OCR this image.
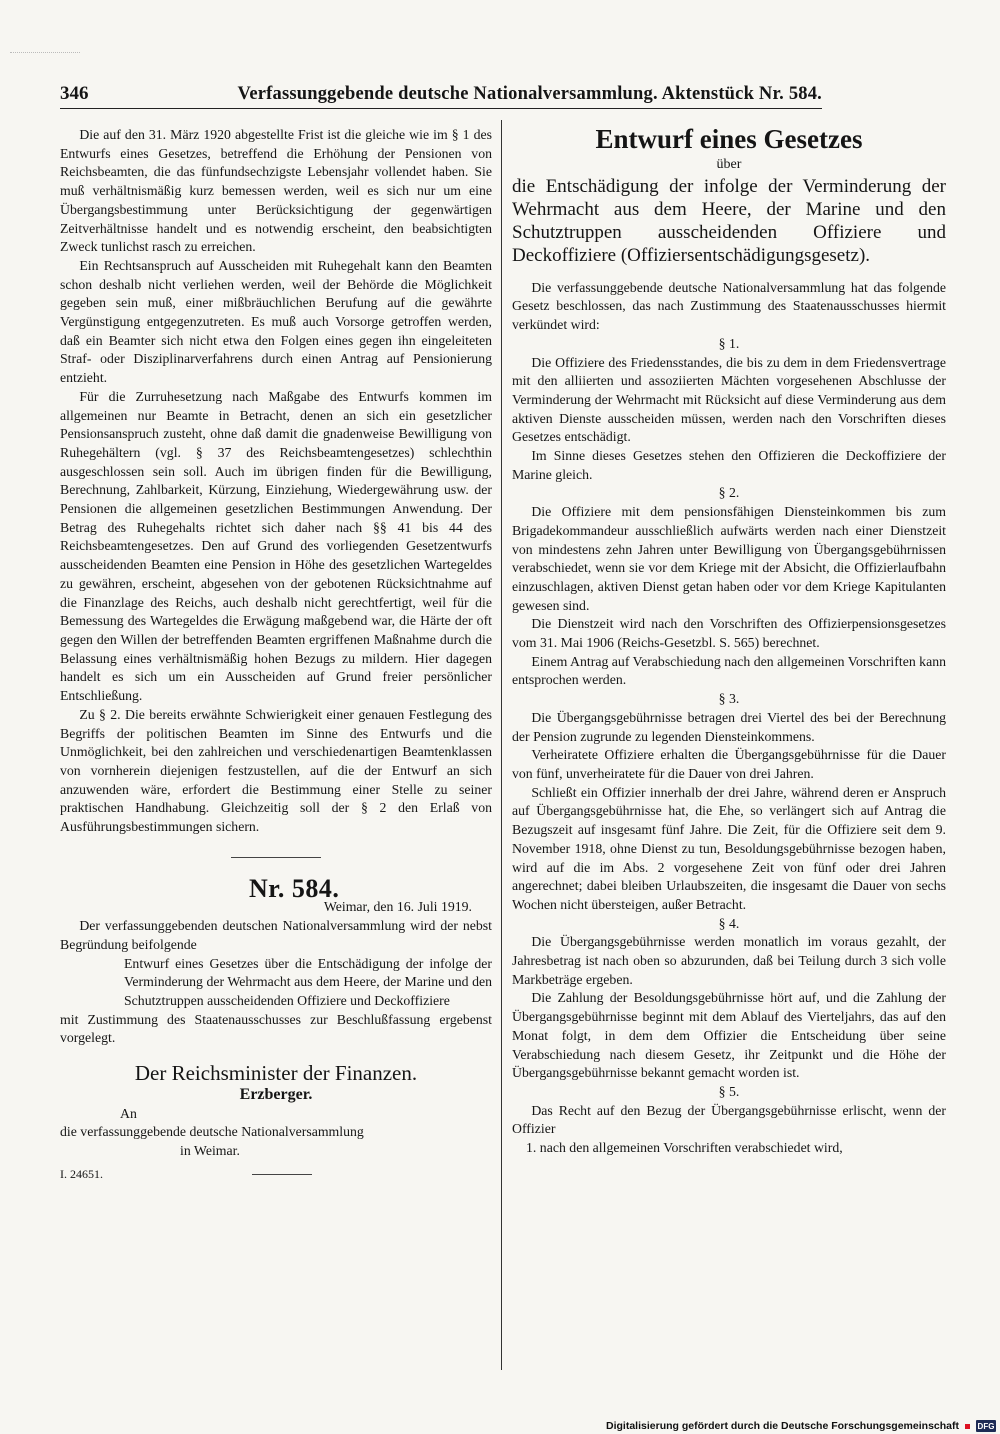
346	Verfassunggebende deutsche Nationalversammlung. Aktenstück Nr. 584.

Die auf den 31. März 1920 abgestellte Frist ist die gleiche wie im § 1 des Entwurfs eines Gesetzes, betreffend die Erhöhung der Pensionen von Reichsbeamten, die das fünfundsechzigste Lebensjahr vollendet haben. Sie muß verhältnismäßig kurz bemessen werden, weil es sich nur um eine Übergangsbestimmung unter Berücksichtigung der gegenwärtigen Zeitverhältnisse handelt und es notwendig erscheint, den beabsichtigten Zweck tunlichst rasch zu erreichen.

Ein Rechtsanspruch auf Ausscheiden mit Ruhegehalt kann den Beamten schon deshalb nicht verliehen werden, weil der Behörde die Möglichkeit gegeben sein muß, einer mißbräuchlichen Berufung auf die gewährte Vergünstigung entgegenzutreten. Es muß auch Vorsorge getroffen werden, daß ein Beamter sich nicht etwa den Folgen eines gegen ihn eingeleiteten Straf- oder Disziplinarverfahrens durch einen Antrag auf Pensionierung entzieht.

Für die Zurruhesetzung nach Maßgabe des Entwurfs kommen im allgemeinen nur Beamte in Betracht, denen an sich ein gesetzlicher Pensionsanspruch zusteht, ohne daß damit die gnadenweise Bewilligung von Ruhegehältern (vgl. § 37 des Reichsbeamtengesetzes) schlechthin ausgeschlossen sein soll. Auch im übrigen finden für die Bewilligung, Berechnung, Zahlbarkeit, Kürzung, Einziehung, Wiedergewährung usw. der Pensionen die allgemeinen gesetzlichen Bestimmungen Anwendung. Der Betrag des Ruhegehalts richtet sich daher nach §§ 41 bis 44 des Reichsbeamtengesetzes. Den auf Grund des vorliegenden Gesetzentwurfs ausscheidenden Beamten eine Pension in Höhe des gesetzlichen Wartegeldes zu gewähren, erscheint, abgesehen von der gebotenen Rücksichtnahme auf die Finanzlage des Reichs, auch deshalb nicht gerechtfertigt, weil für die Bemessung des Wartegeldes die Erwägung maßgebend war, die Härte der oft gegen den Willen der betreffenden Beamten ergriffenen Maßnahme durch die Belassung eines verhältnismäßig hohen Bezugs zu mildern. Hier dagegen handelt es sich um ein Ausscheiden auf Grund freier persönlicher Entschließung.

Zu § 2. Die bereits erwähnte Schwierigkeit einer genauen Festlegung des Begriffs der politischen Beamten im Sinne des Entwurfs und die Unmöglichkeit, bei den zahlreichen und verschiedenartigen Beamtenklassen von vornherein diejenigen festzustellen, auf die der Entwurf an sich anzuwenden wäre, erfordert die Bestimmung einer Stelle zu seiner praktischen Handhabung. Gleichzeitig soll der § 2 den Erlaß von Ausführungsbestimmungen sichern.

Nr. 584.

Weimar, den 16. Juli 1919.

Der verfassunggebenden deutschen Nationalversammlung wird der nebst Begründung beifolgende

Entwurf eines Gesetzes über die Entschädigung der infolge der Verminderung der Wehrmacht aus dem Heere, der Marine und den Schutztruppen ausscheidenden Offiziere und Deckoffiziere

mit Zustimmung des Staatenausschusses zur Beschlußfassung ergebenst vorgelegt.

Der Reichsminister der Finanzen.

Erzberger.

An
die verfassunggebende deutsche Nationalversammlung
in Weimar.

I. 24651.

Entwurf eines Gesetzes

über

die Entschädigung der infolge der Verminderung der Wehrmacht aus dem Heere, der Marine und den Schutztruppen ausscheidenden Offiziere und Deckoffiziere (Offiziersentschädigungsgesetz).

Die verfassunggebende deutsche Nationalversammlung hat das folgende Gesetz beschlossen, das nach Zustimmung des Staatenausschusses hiermit verkündet wird:

§ 1.

Die Offiziere des Friedensstandes, die bis zu dem in dem Friedensvertrage mit den alliierten und assoziierten Mächten vorgesehenen Abschlusse der Verminderung der Wehrmacht mit Rücksicht auf diese Verminderung aus dem aktiven Dienste ausscheiden müssen, werden nach den Vorschriften dieses Gesetzes entschädigt.

Im Sinne dieses Gesetzes stehen den Offizieren die Deckoffiziere der Marine gleich.

§ 2.

Die Offiziere mit dem pensionsfähigen Diensteinkommen bis zum Brigadekommandeur ausschließlich aufwärts werden nach einer Dienstzeit von mindestens zehn Jahren unter Bewilligung von Übergangsgebührnissen verabschiedet, wenn sie vor dem Kriege mit der Absicht, die Offizierlaufbahn einzuschlagen, aktiven Dienst getan haben oder vor dem Kriege Kapitulanten gewesen sind.

Die Dienstzeit wird nach den Vorschriften des Offizierpensionsgesetzes vom 31. Mai 1906 (Reichs-Gesetzbl. S. 565) berechnet.

Einem Antrag auf Verabschiedung nach den allgemeinen Vorschriften kann entsprochen werden.

§ 3.

Die Übergangsgebührnisse betragen drei Viertel des bei der Berechnung der Pension zugrunde zu legenden Diensteinkommens.

Verheiratete Offiziere erhalten die Übergangsgebührnisse für die Dauer von fünf, unverheiratete für die Dauer von drei Jahren.

Schließt ein Offizier innerhalb der drei Jahre, während deren er Anspruch auf Übergangsgebührnisse hat, die Ehe, so verlängert sich auf Antrag die Bezugszeit auf insgesamt fünf Jahre. Die Zeit, für die Offiziere seit dem 9. November 1918, ohne Dienst zu tun, Besoldungsgebührnisse bezogen haben, wird auf die im Abs. 2 vorgesehene Zeit von fünf oder drei Jahren angerechnet; dabei bleiben Urlaubszeiten, die insgesamt die Dauer von sechs Wochen nicht übersteigen, außer Betracht.

§ 4.

Die Übergangsgebührnisse werden monatlich im voraus gezahlt, der Jahresbetrag ist nach oben so abzurunden, daß bei Teilung durch 3 sich volle Markbeträge ergeben.

Die Zahlung der Besoldungsgebührnisse hört auf, und die Zahlung der Übergangsgebührnisse beginnt mit dem Ablauf des Vierteljahrs, das auf den Monat folgt, in dem dem Offizier die Entscheidung über seine Verabschiedung nach diesem Gesetz, ihr Zeitpunkt und die Höhe der Übergangsgebührnisse bekannt gemacht worden ist.

§ 5.

Das Recht auf den Bezug der Übergangsgebührnisse erlischt, wenn der Offizier

1. nach den allgemeinen Vorschriften verabschiedet wird,

Digitalisierung gefördert durch die Deutsche Forschungsgemeinschaft DFG
